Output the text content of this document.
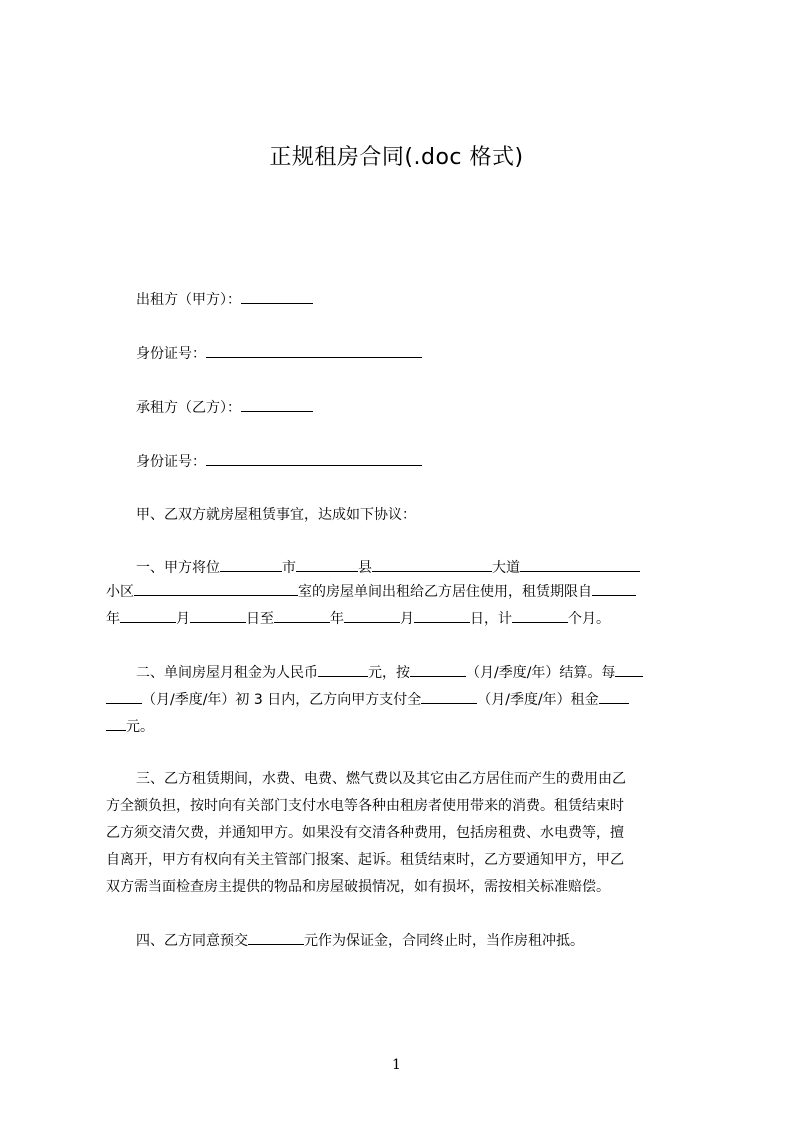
正规租房合同(.doc 格式)
出租方（甲方）：
身份证号：
承租方（乙方）：
身份证号：
甲、乙双方就房屋租赁事宜，达成如下协议：
一、甲方将位	市	县	大道
小区	室的房屋单间出租给乙方居住使用，租赁期限自
年	月	日至	年	月	日，计	个月。
二、单间房屋月租金为人民币	元，按	（月/季度/年）结算。每
（月/季度/年）初 3 日内，乙方向甲方支付全	（月/季度/年）租金
元。
三、乙方租赁期间，水费、电费、燃气费以及其它由乙方居住而产生的费用由乙
方全额负担，按时向有关部门支付水电等各种由租房者使用带来的消费。租赁结束时
乙方须交清欠费，并通知甲方。如果没有交清各种费用，包括房租费、水电费等，擅
自离开，甲方有权向有关主管部门报案、起诉。租赁结束时，乙方要通知甲方，甲乙
双方需当面检查房主提供的物品和房屋破损情况，如有损坏，需按相关标准赔偿。
四、乙方同意预交	元作为保证金，合同终止时，当作房租冲抵。
1
